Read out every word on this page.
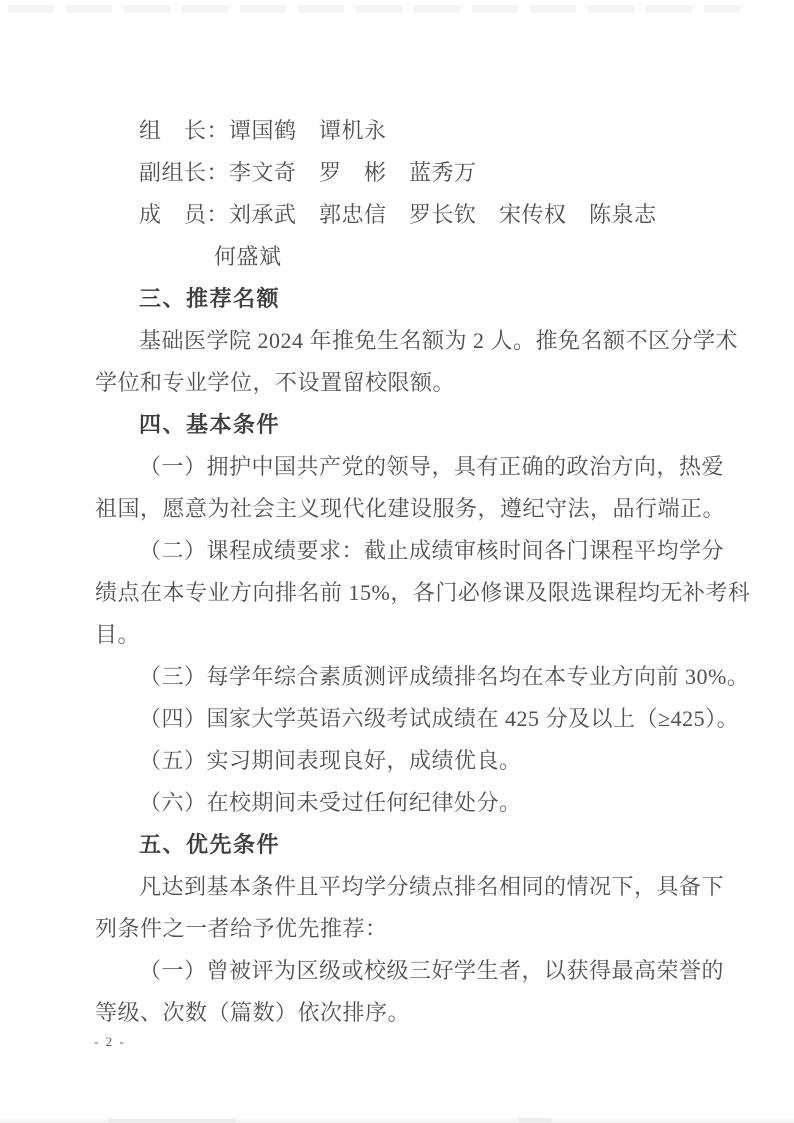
组　长：谭国鹤　谭机永
副组长：李文奇　罗　彬　蓝秀万
成　员：刘承武　郭忠信　罗长钦　宋传权　陈泉志
何盛斌
三、推荐名额
基础医学院 2024 年推免生名额为 2 人。推免名额不区分学术
学位和专业学位，不设置留校限额。
四、基本条件
（一）拥护中国共产党的领导，具有正确的政治方向，热爱
祖国，愿意为社会主义现代化建设服务，遵纪守法，品行端正。
（二）课程成绩要求：截止成绩审核时间各门课程平均学分
绩点在本专业方向排名前 15%，各门必修课及限选课程均无补考科
目。
（三）每学年综合素质测评成绩排名均在本专业方向前 30%。
（四）国家大学英语六级考试成绩在 425 分及以上（≥425）。
（五）实习期间表现良好，成绩优良。
（六）在校期间未受过任何纪律处分。
五、优先条件
凡达到基本条件且平均学分绩点排名相同的情况下，具备下
列条件之一者给予优先推荐：
（一）曾被评为区级或校级三好学生者，以获得最高荣誉的
等级、次数（篇数）依次排序。
- 2 -
